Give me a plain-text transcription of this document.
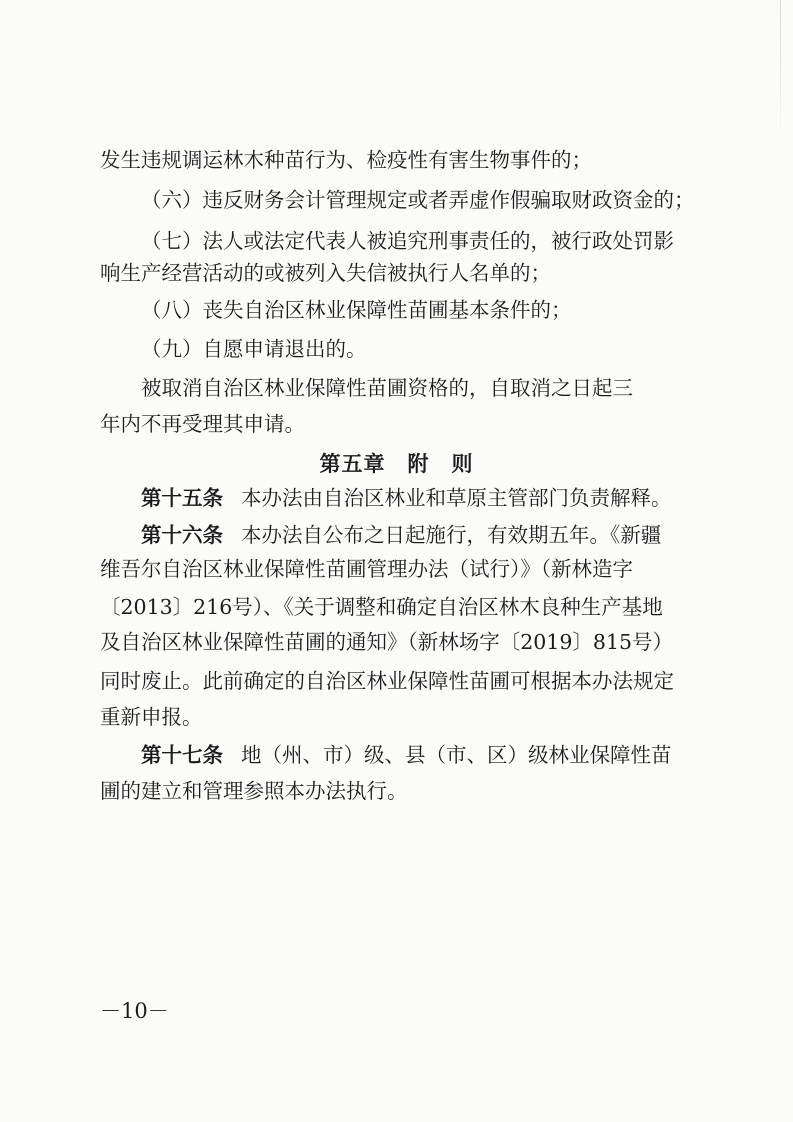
发生违规调运林木种苗行为、检疫性有害生物事件的；
（六）违反财务会计管理规定或者弄虚作假骗取财政资金的；
（七）法人或法定代表人被追究刑事责任的，被行政处罚影
响生产经营活动的或被列入失信被执行人名单的；
（八）丧失自治区林业保障性苗圃基本条件的；
（九）自愿申请退出的。
被取消自治区林业保障性苗圃资格的，自取消之日起三
年内不再受理其申请。
第五章　附　则
第十五条 本办法由自治区林业和草原主管部门负责解释。
第十六条 本办法自公布之日起施行，有效期五年。《新疆
维吾尔自治区林业保障性苗圃管理办法（试行）》（新林造字
〔2013〕216号）、《关于调整和确定自治区林木良种生产基地
及自治区林业保障性苗圃的通知》（新林场字〔2019〕815号）
同时废止。此前确定的自治区林业保障性苗圃可根据本办法规定
重新申报。
第十七条 地（州、市）级、县（市、区）级林业保障性苗
圃的建立和管理参照本办法执行。
－10－
